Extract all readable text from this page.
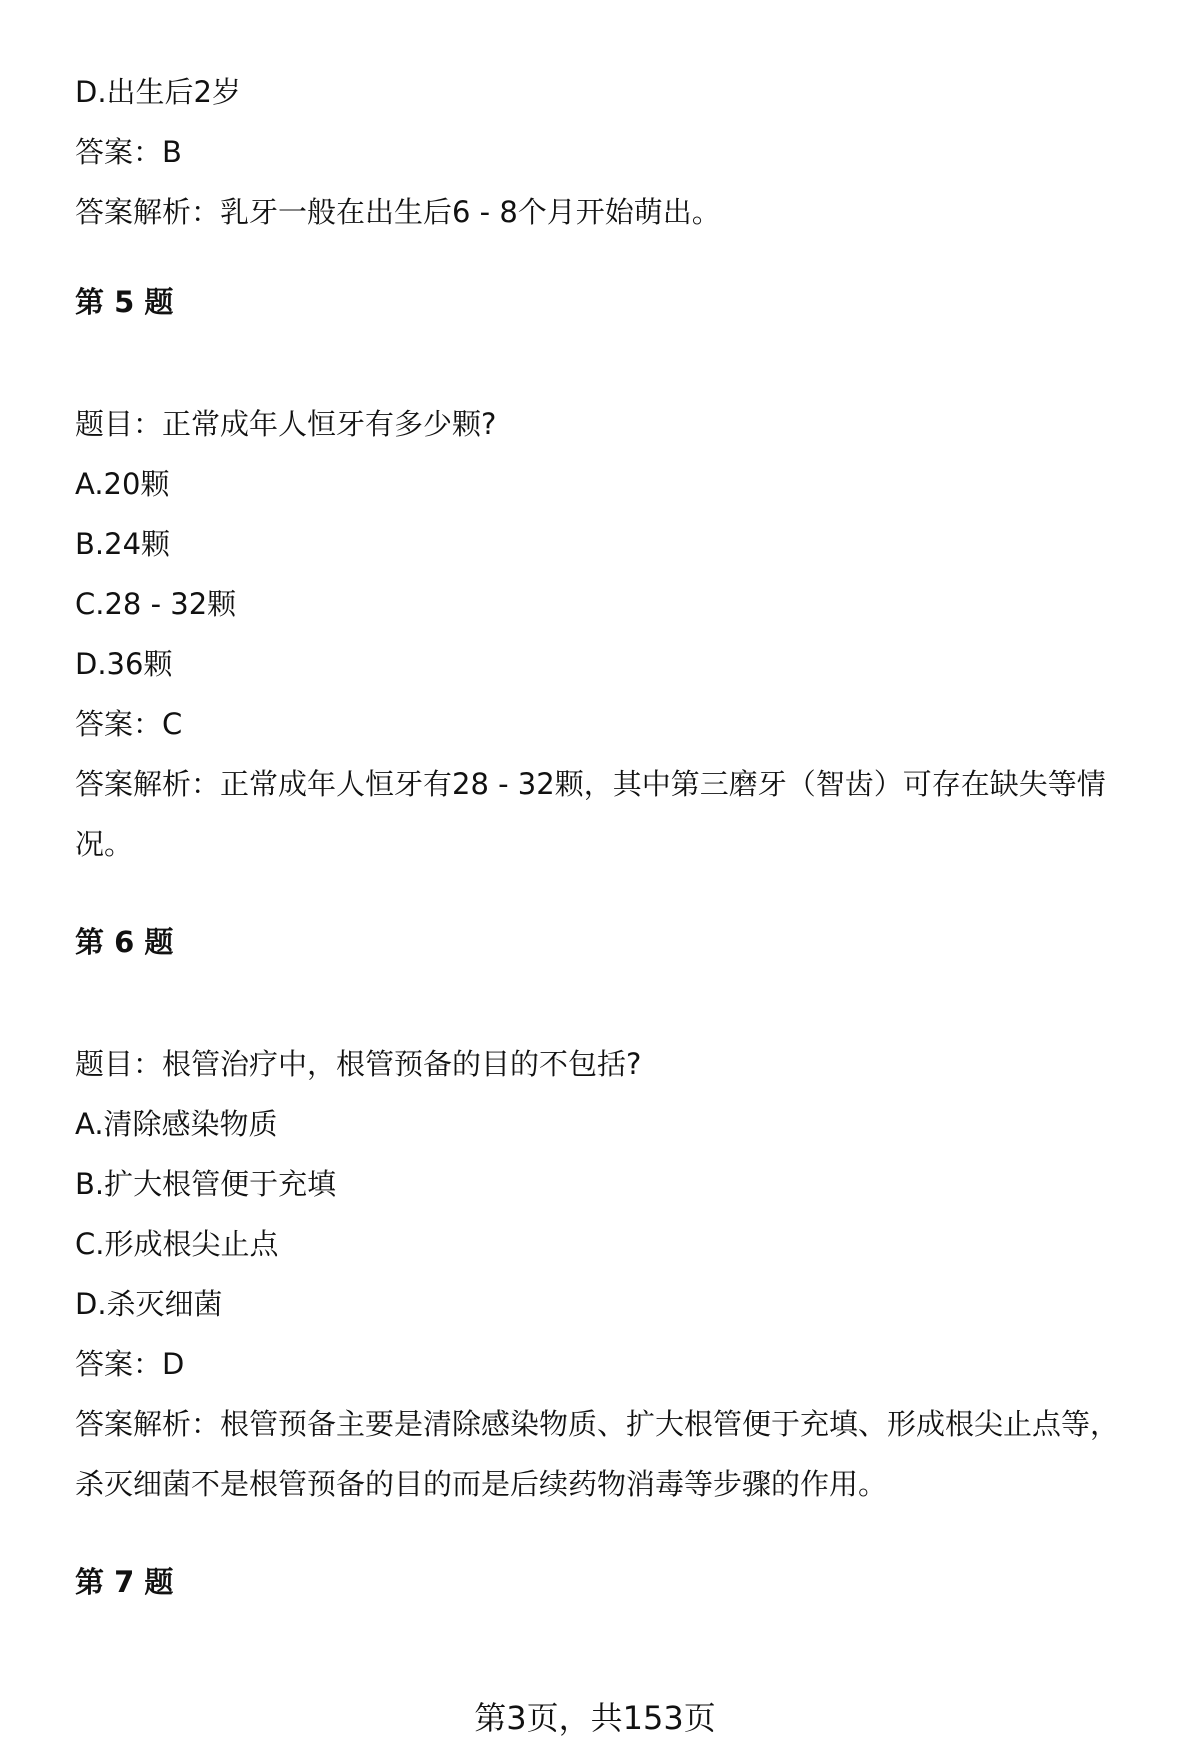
D.出生后2岁

答案：B

答案解析：乳牙一般在出生后6 - 8个月开始萌出。

第 5 题

题目：正常成年人恒牙有多少颗?

A.20颗

B.24颗

C.28 - 32颗

D.36颗

答案：C

答案解析：正常成年人恒牙有28 - 32颗，其中第三磨牙（智齿）可存在缺失等情况。

第 6 题

题目：根管治疗中，根管预备的目的不包括?

A.清除感染物质

B.扩大根管便于充填

C.形成根尖止点

D.杀灭细菌

答案：D

答案解析：根管预备主要是清除感染物质、扩大根管便于充填、形成根尖止点等，杀灭细菌不是根管预备的目的而是后续药物消毒等步骤的作用。

第 7 题
第3页，共153页
